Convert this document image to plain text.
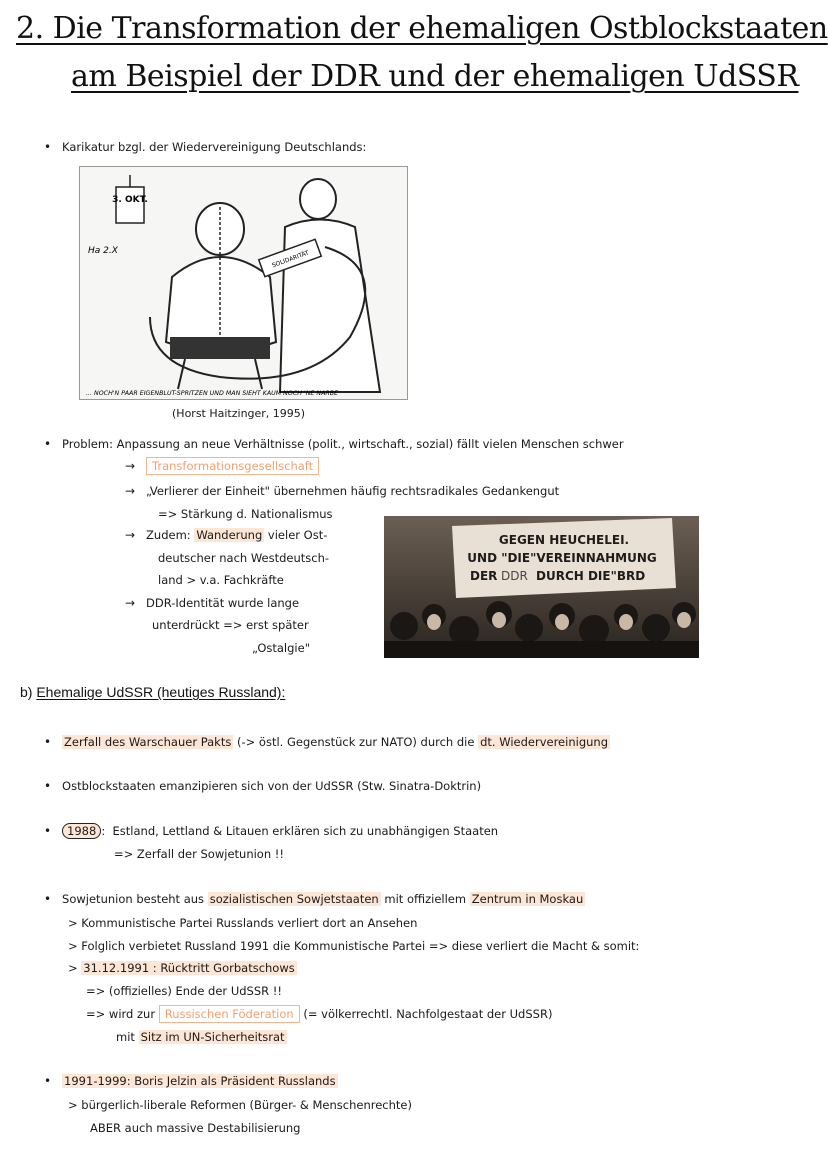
2. Die Transformation der ehemaligen Ostblockstaaten
am Beispiel der DDR und der ehemaligen UdSSR
• Karikatur bzgl. der Wiedervereinigung Deutschlands:
3. OKT.
Ha 2.X	SOLIDARITÄT
... NOCH'N PAAR EIGENBLUT-SPRITZEN UND MAN SIEHT KAUM NOCH 'NE NARBE
(Horst Haitzinger, 1995)
• Problem: Anpassung an neue Verhältnisse (polit., wirtschaft., sozial) fällt vielen Menschen schwer
→ Transformationsgesellschaft
→ „Verlierer der Einheit" übernehmen häufig rechtsradikales Gedankengut
=> Stärkung d. Nationalismus
→ Zudem: Wanderung vieler Ost-
deutscher nach Westdeutsch-
land > v.a. Fachkräfte
→ DDR-Identität wurde lange
unterdrückt => erst später
„Ostalgie"
GEGEN HEUCHELEI.
UND "DIE"VEREINNAHMUNG
DER DDR DURCH DIE"BRD
b) Ehemalige UdSSR (heutiges Russland):
• Zerfall des Warschauer Pakts (-> östl. Gegenstück zur NATO) durch die dt. Wiedervereinigung
• Ostblockstaaten emanzipieren sich von der UdSSR (Stw. Sinatra-Doktrin)
• 1988 :  Estland, Lettland & Litauen erklären sich zu unabhängigen Staaten
=> Zerfall der Sowjetunion !!
• Sowjetunion besteht aus sozialistischen Sowjetstaaten mit offiziellem Zentrum in Moskau
> Kommunistische Partei Russlands verliert dort an Ansehen
> Folglich verbietet Russland 1991 die Kommunistische Partei => diese verliert die Macht & somit:
> 31.12.1991 : Rücktritt Gorbatschows
=> (offizielles) Ende der UdSSR !!
=> wird zur Russischen Föderation (= völkerrechtl. Nachfolgestaat der UdSSR)
mit Sitz im UN-Sicherheitsrat
• 1991-1999: Boris Jelzin als Präsident Russlands
> bürgerlich-liberale Reformen (Bürger- & Menschenrechte)
ABER auch massive Destabilisierung
